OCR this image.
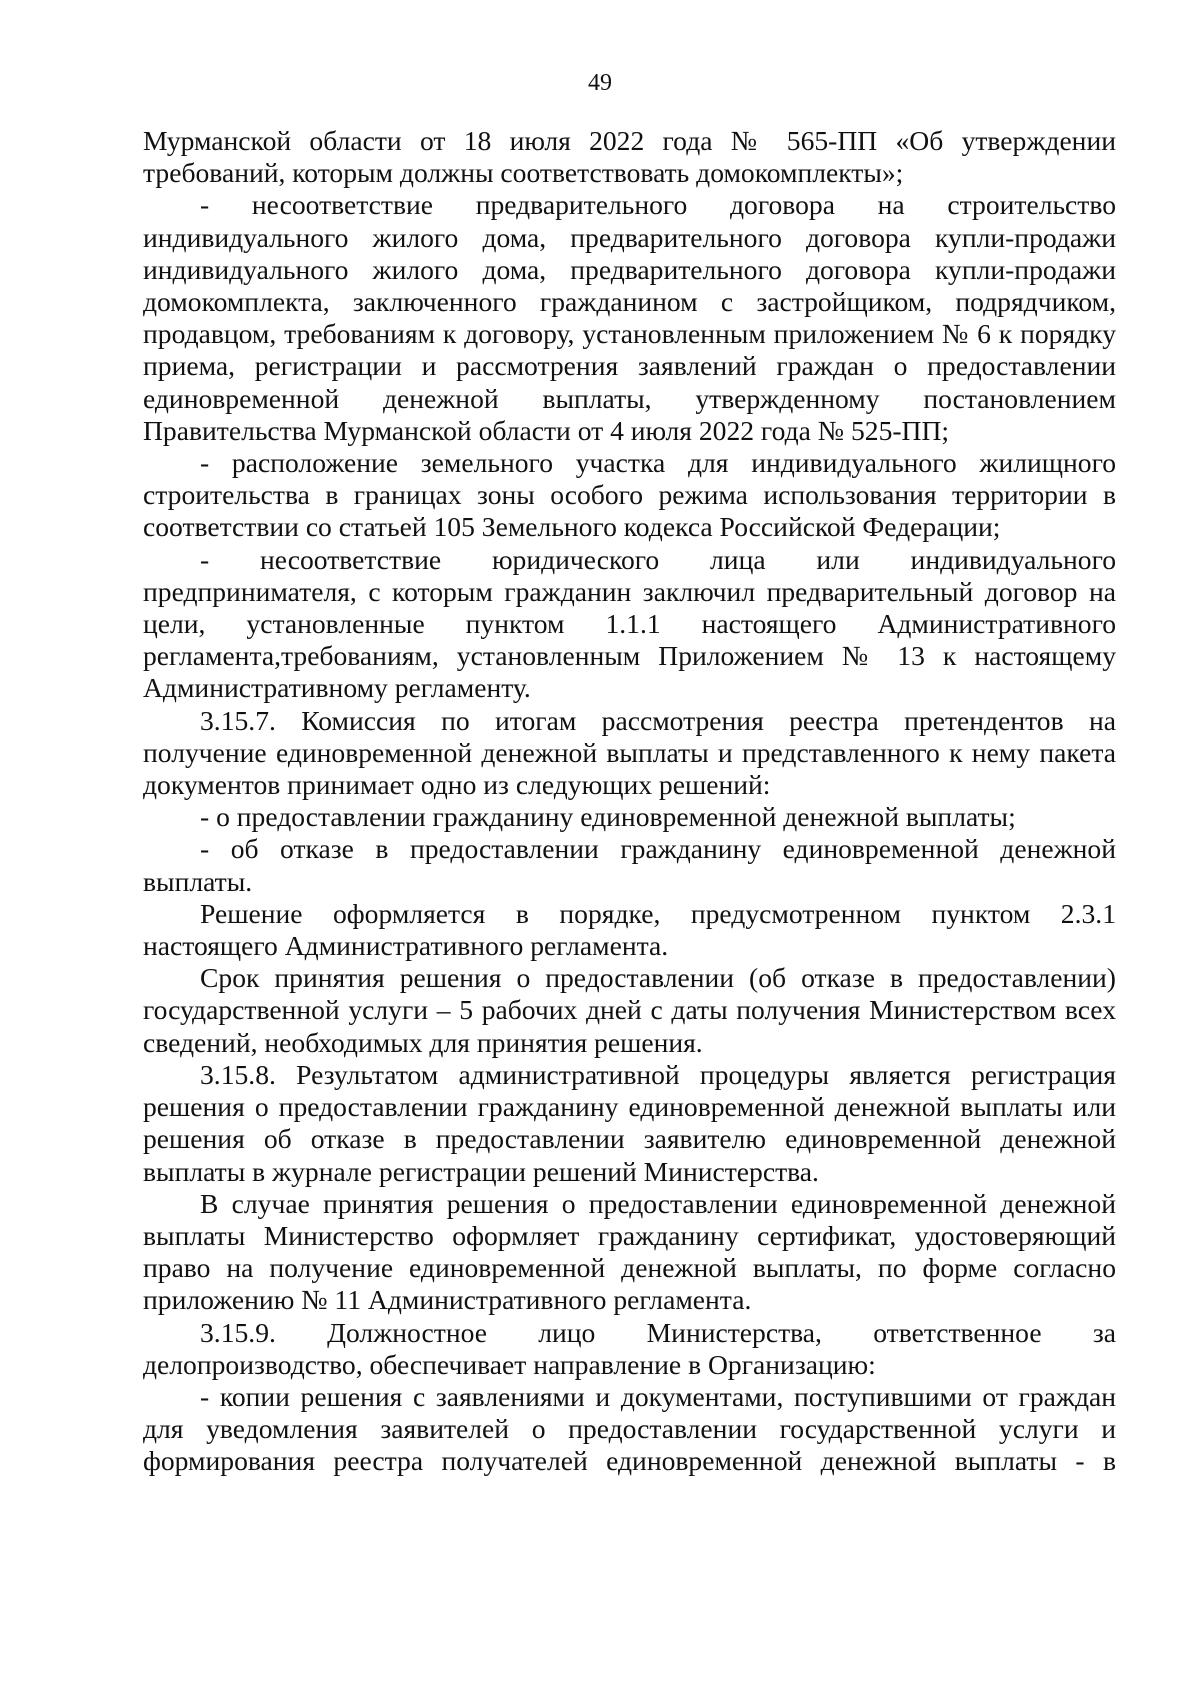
49

Мурманской области от 18 июля 2022 года № 565-ПП «Об утверждении требований, которым должны соответствовать домокомплекты»;

- несоответствие предварительного договора на строительство индивидуального жилого дома, предварительного договора купли-продажи индивидуального жилого дома, предварительного договора купли-продажи домокомплекта, заключенного гражданином с застройщиком, подрядчиком, продавцом, требованиям к договору, установленным приложением № 6 к порядку приема, регистрации и рассмотрения заявлений граждан о предоставлении единовременной денежной выплаты, утвержденному постановлением Правительства Мурманской области от 4 июля 2022 года № 525-ПП;

- расположение земельного участка для индивидуального жилищного строительства в границах зоны особого режима использования территории в соответствии со статьей 105 Земельного кодекса Российской Федерации;

- несоответствие юридического лица или индивидуального предпринимателя, с которым гражданин заключил предварительный договор на цели, установленные пунктом 1.1.1 настоящего Административного регламента,требованиям, установленным Приложением № 13 к настоящему Административному регламенту.

3.15.7. Комиссия по итогам рассмотрения реестра претендентов на получение единовременной денежной выплаты и представленного к нему пакета документов принимает одно из следующих решений:

- о предоставлении гражданину единовременной денежной выплаты;

- об отказе в предоставлении гражданину единовременной денежной выплаты.

Решение оформляется в порядке, предусмотренном пунктом 2.3.1 настоящего Административного регламента.

Срок принятия решения о предоставлении (об отказе в предоставлении) государственной услуги – 5 рабочих дней с даты получения Министерством всех сведений, необходимых для принятия решения.

3.15.8. Результатом административной процедуры является регистрация решения о предоставлении гражданину единовременной денежной выплаты или решения об отказе в предоставлении заявителю единовременной денежной выплаты в журнале регистрации решений Министерства.

В случае принятия решения о предоставлении единовременной денежной выплаты Министерство оформляет гражданину сертификат, удостоверяющий право на получение единовременной денежной выплаты, по форме согласно приложению № 11 Административного регламента.

3.15.9. Должностное лицо Министерства, ответственное за делопроизводство, обеспечивает направление в Организацию:

- копии решения с заявлениями и документами, поступившими от граждан для уведомления заявителей о предоставлении государственной услуги и формирования реестра получателей единовременной денежной выплаты - в
